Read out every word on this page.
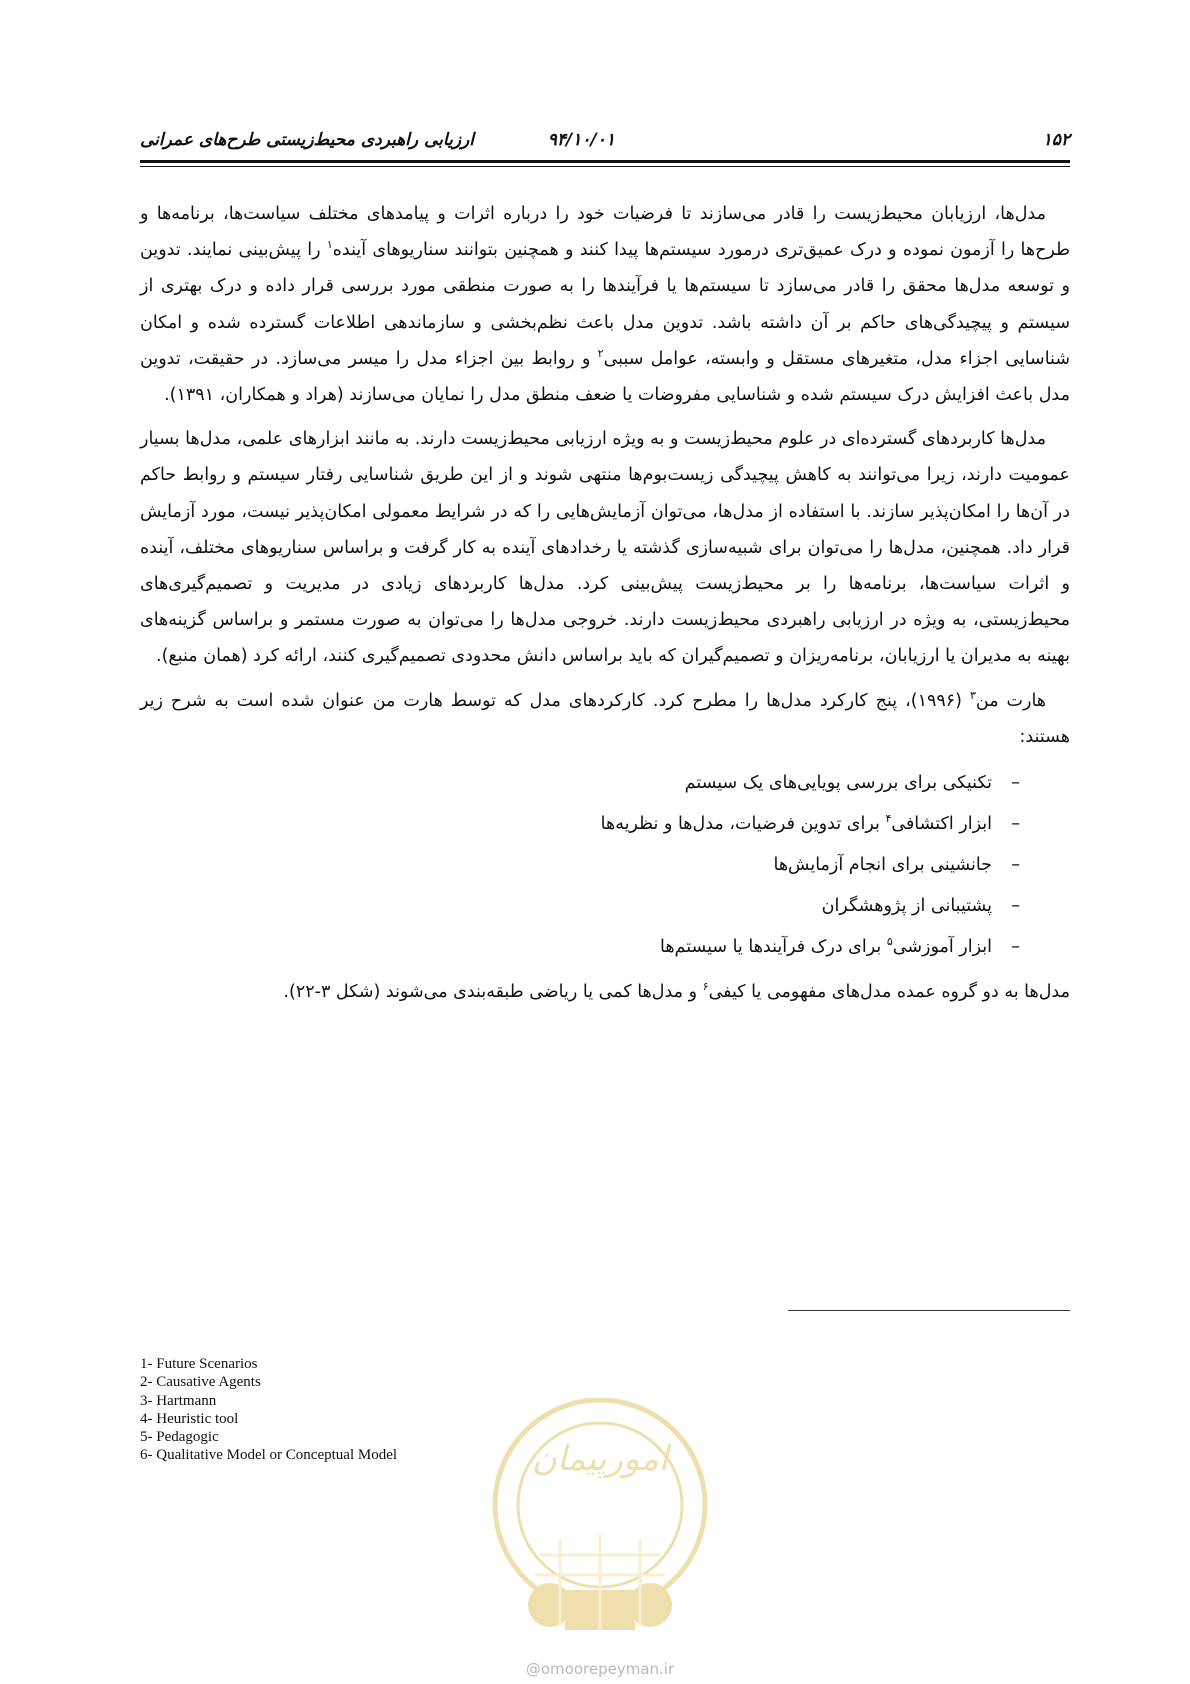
۱۵۲
۹۴/۱۰/۰۱
ارزیابی راهبردی محیط‌زیستی طرح‌های عمرانی

مدل‌ها، ارزیابان محیط‌زیست را قادر می‌سازند تا فرضیات خود را درباره اثرات و پیامدهای مختلف سیاست‌ها، برنامه‌ها و طرح‌ها را آزمون نموده و درک عمیق‌تری درمورد سیستم‌ها پیدا کنند و همچنین بتوانند سناریوهای آینده$^۱$ را پیش‌بینی نمایند. تدوین و توسعه مدل‌ها محقق را قادر می‌سازد تا سیستم‌ها یا فرآیندها را به صورت منطقی مورد بررسی قرار داده و درک بهتری از سیستم و پیچیدگی‌های حاکم بر آن داشته باشد. تدوین مدل باعث نظم‌بخشی و سازماندهی اطلاعات گسترده شده و امکان شناسایی اجزاء مدل، متغیرهای مستقل و وابسته، عوامل سببی$^۲$ و روابط بین اجزاء مدل را میسر می‌سازد. در حقیقت، تدوین مدل باعث افزایش درک سیستم شده و شناسایی مفروضات یا ضعف منطق مدل را نمایان می‌سازند (هراد و همکاران، ۱۳۹۱).

مدل‌ها کاربردهای گسترده‌ای در علوم محیط‌زیست و به ویژه ارزیابی محیط‌زیست دارند. به مانند ابزارهای علمی، مدل‌ها بسیار عمومیت دارند، زیرا می‌توانند به کاهش پیچیدگی زیست‌بوم‌ها منتهی شوند و از این طریق شناسایی رفتار سیستم و روابط حاکم در آن‌ها را امکان‌پذیر سازند. با استفاده از مدل‌ها، می‌توان آزمایش‌هایی را که در شرایط معمولی امکان‌پذیر نیست، مورد آزمایش قرار داد. همچنین، مدل‌ها را می‌توان برای شبیه‌سازی گذشته یا رخدادهای آینده به کار گرفت و براساس سناریوهای مختلف، آینده و اثرات سیاست‌ها، برنامه‌ها را بر محیط‌زیست پیش‌بینی کرد. مدل‌ها کاربردهای زیادی در مدیریت و تصمیم‌گیری‌های محیط‌زیستی، به ویژه در ارزیابی راهبردی محیط‌زیست دارند. خروجی مدل‌ها را می‌توان به صورت مستمر و براساس گزینه‌های بهینه به مدیران یا ارزیابان، برنامه‌ریزان و تصمیم‌گیران که باید براساس دانش محدودی تصمیم‌گیری کنند، ارائه کرد (همان منبع).

هارت من$^۳$ (۱۹۹۶)، پنج کارکرد مدل‌ها را مطرح کرد. کارکردهای مدل که توسط هارت من عنوان شده است به شرح زیر هستند:

–تکنیکی برای بررسی پویایی‌های یک سیستم
–ابزار اکتشافی$^۴$ برای تدوین فرضیات، مدل‌ها و نظریه‌ها
–جانشینی برای انجام آزمایش‌ها
–پشتیبانی از پژوهشگران
–ابزار آموزشی$^۵$ برای درک فرآیندها یا سیستم‌ها

مدل‌ها به دو گروه عمده مدل‌های مفهومی یا کیفی$^۶$ و مدل‌ها کمی یا ریاضی طبقه‌بندی می‌شوند (شکل ۳-۲۲).

1- Future Scenarios
2- Causative Agents
3- Hartmann
4- Heuristic tool
5- Pedagogic
6- Qualitative Model or Conceptual Model	امورپیمان
@omoorepeyman.ir
